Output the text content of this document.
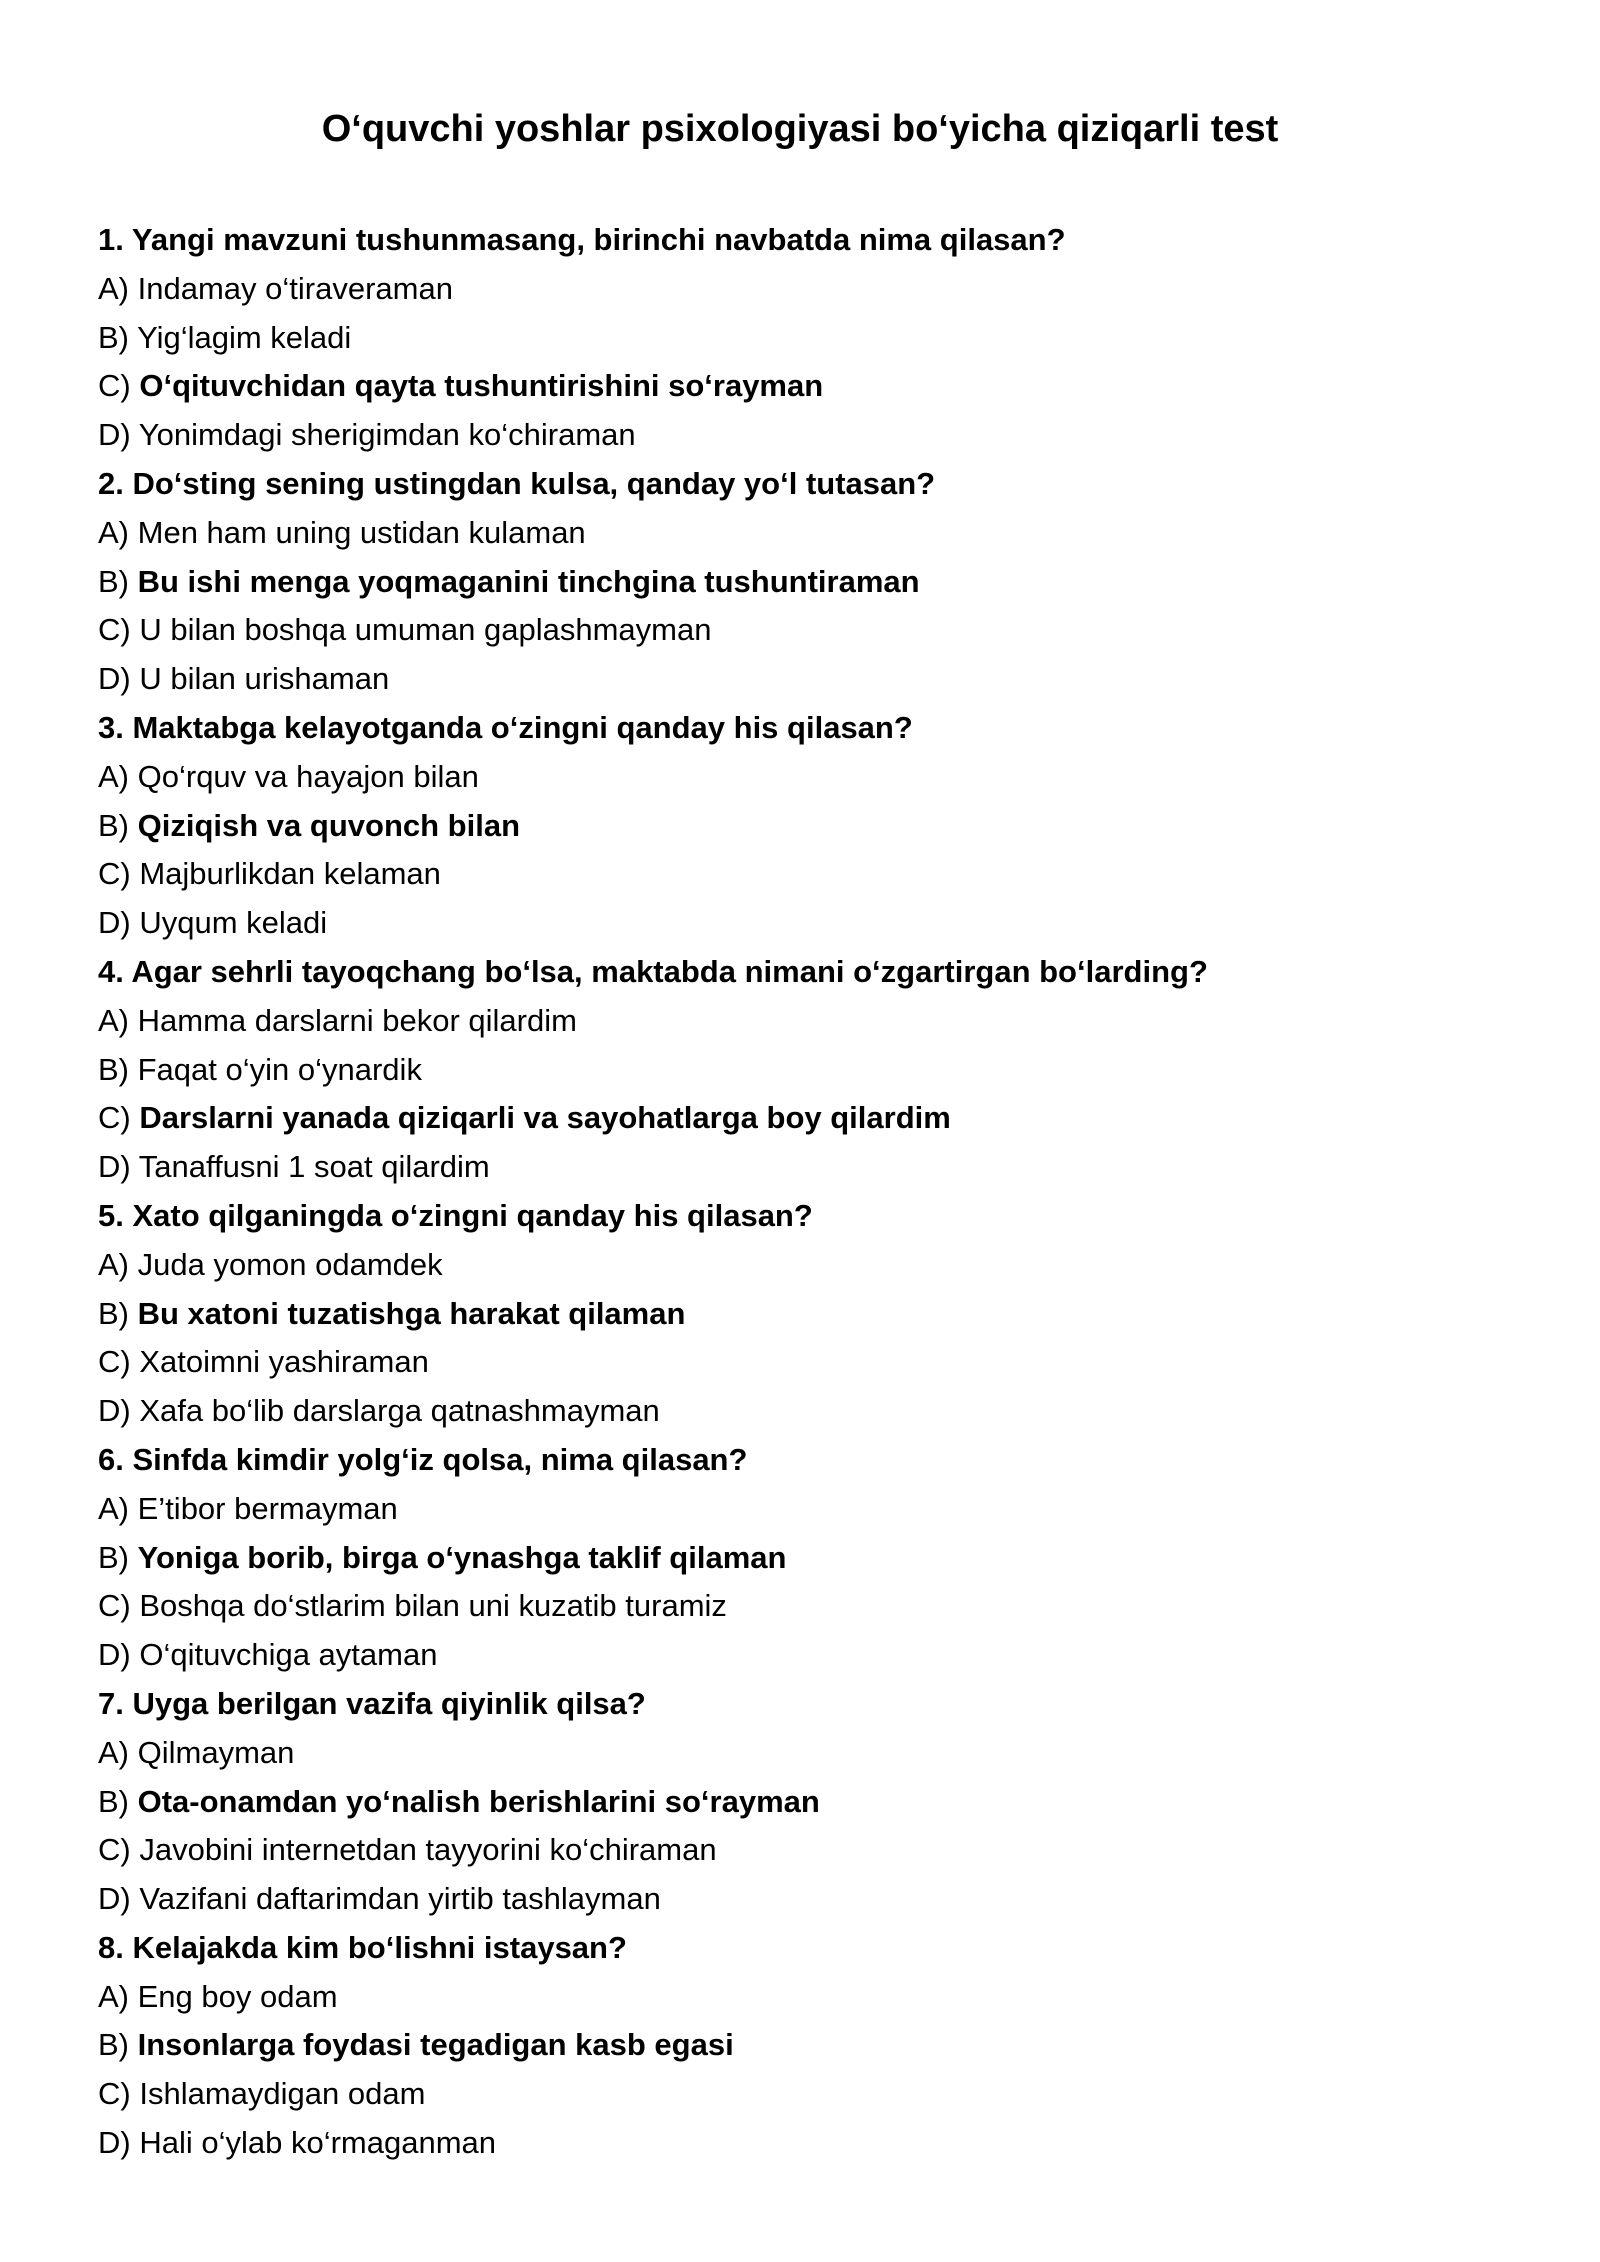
O‘quvchi yoshlar psixologiyasi bo‘yicha qiziqarli test
1. Yangi mavzuni tushunmasang, birinchi navbatda nima qilasan?
A) Indamay o‘tiraveraman
B) Yig‘lagim keladi
C) O‘qituvchidan qayta tushuntirishini so‘rayman
D) Yonimdagi sherigimdan ko‘chiraman
2. Do‘sting sening ustingdan kulsa, qanday yo‘l tutasan?
A) Men ham uning ustidan kulaman
B) Bu ishi menga yoqmaganini tinchgina tushuntiraman
C) U bilan boshqa umuman gaplashmayman
D) U bilan urishaman
3. Maktabga kelayotganda o‘zingni qanday his qilasan?
A) Qo‘rquv va hayajon bilan
B) Qiziqish va quvonch bilan
C) Majburlikdan kelaman
D) Uyqum keladi
4. Agar sehrli tayoqchang bo‘lsa, maktabda nimani o‘zgartirgan bo‘larding?
A) Hamma darslarni bekor qilardim
B) Faqat o‘yin o‘ynardik
C) Darslarni yanada qiziqarli va sayohatlarga boy qilardim
D) Tanaffusni 1 soat qilardim
5. Xato qilganingda o‘zingni qanday his qilasan?
A) Juda yomon odamdek
B) Bu xatoni tuzatishga harakat qilaman
C) Xatoimni yashiraman
D) Xafa bo‘lib darslarga qatnashmayman
6. Sinfda kimdir yolg‘iz qolsa, nima qilasan?
A) E’tibor bermayman
B) Yoniga borib, birga o‘ynashga taklif qilaman
C) Boshqa do‘stlarim bilan uni kuzatib turamiz
D) O‘qituvchiga aytaman
7. Uyga berilgan vazifa qiyinlik qilsa?
A) Qilmayman
B) Ota-onamdan yo‘nalish berishlarini so‘rayman
C) Javobini internetdan tayyorini ko‘chiraman
D) Vazifani daftarimdan yirtib tashlayman
8. Kelajakda kim bo‘lishni istaysan?
A) Eng boy odam
B) Insonlarga foydasi tegadigan kasb egasi
C) Ishlamaydigan odam
D) Hali o‘ylab ko‘rmaganman
